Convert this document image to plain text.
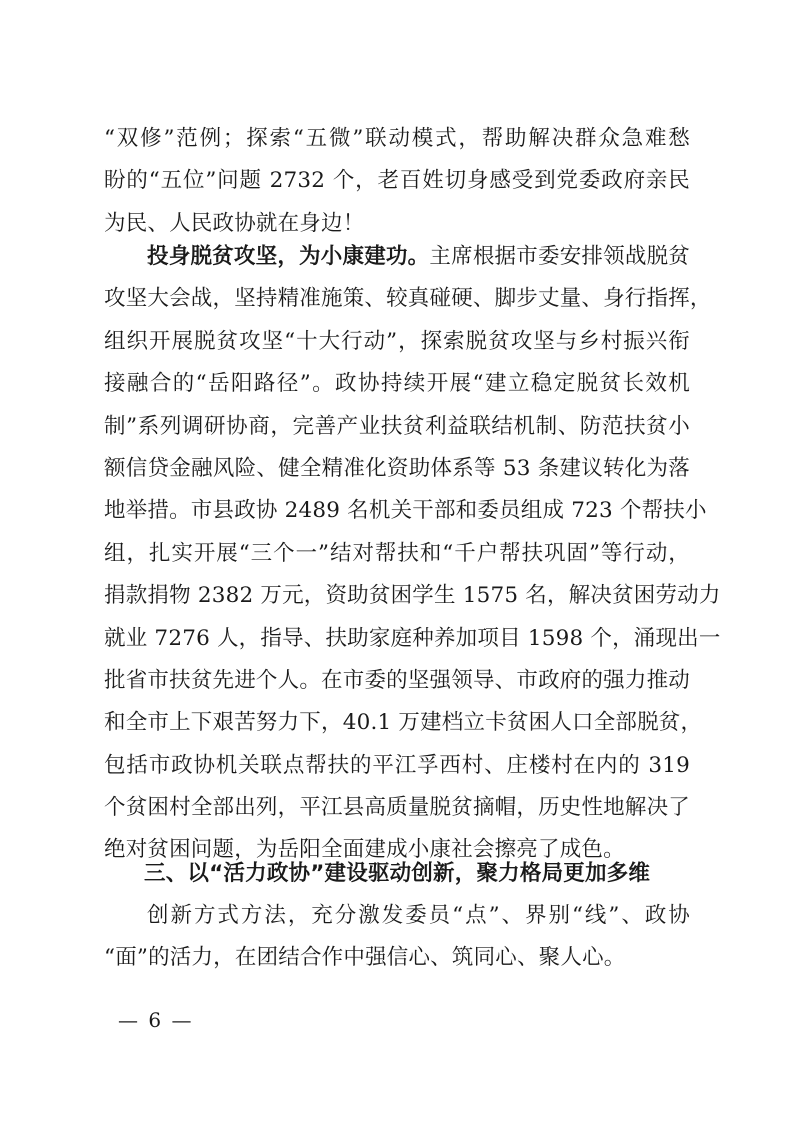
“双修”范例；探索“五微”联动模式，帮助解决群众急难愁
盼的“五位”问题 2732 个，老百姓切身感受到党委政府亲民
为民、人民政协就在身边！
投身脱贫攻坚，为小康建功。主席根据市委安排领战脱贫
攻坚大会战，坚持精准施策、较真碰硬、脚步丈量、身行指挥，
组织开展脱贫攻坚“十大行动”，探索脱贫攻坚与乡村振兴衔
接融合的“岳阳路径”。政协持续开展“建立稳定脱贫长效机
制”系列调研协商，完善产业扶贫利益联结机制、防范扶贫小
额信贷金融风险、健全精准化资助体系等 53 条建议转化为落
地举措。市县政协 2489 名机关干部和委员组成 723 个帮扶小
组，扎实开展“三个一”结对帮扶和“千户帮扶巩固”等行动，
捐款捐物 2382 万元，资助贫困学生 1575 名，解决贫困劳动力
就业 7276 人，指导、扶助家庭种养加项目 1598 个，涌现出一
批省市扶贫先进个人。在市委的坚强领导、市政府的强力推动
和全市上下艰苦努力下，40.1 万建档立卡贫困人口全部脱贫，
包括市政协机关联点帮扶的平江孚西村、庄楼村在内的 319
个贫困村全部出列，平江县高质量脱贫摘帽，历史性地解决了
绝对贫困问题，为岳阳全面建成小康社会擦亮了成色。
三、以“活力政协”建设驱动创新，聚力格局更加多维
创新方式方法，充分激发委员“点”、界别“线”、政协
“面”的活力，在团结合作中强信心、筑同心、聚人心。
— 6 —
